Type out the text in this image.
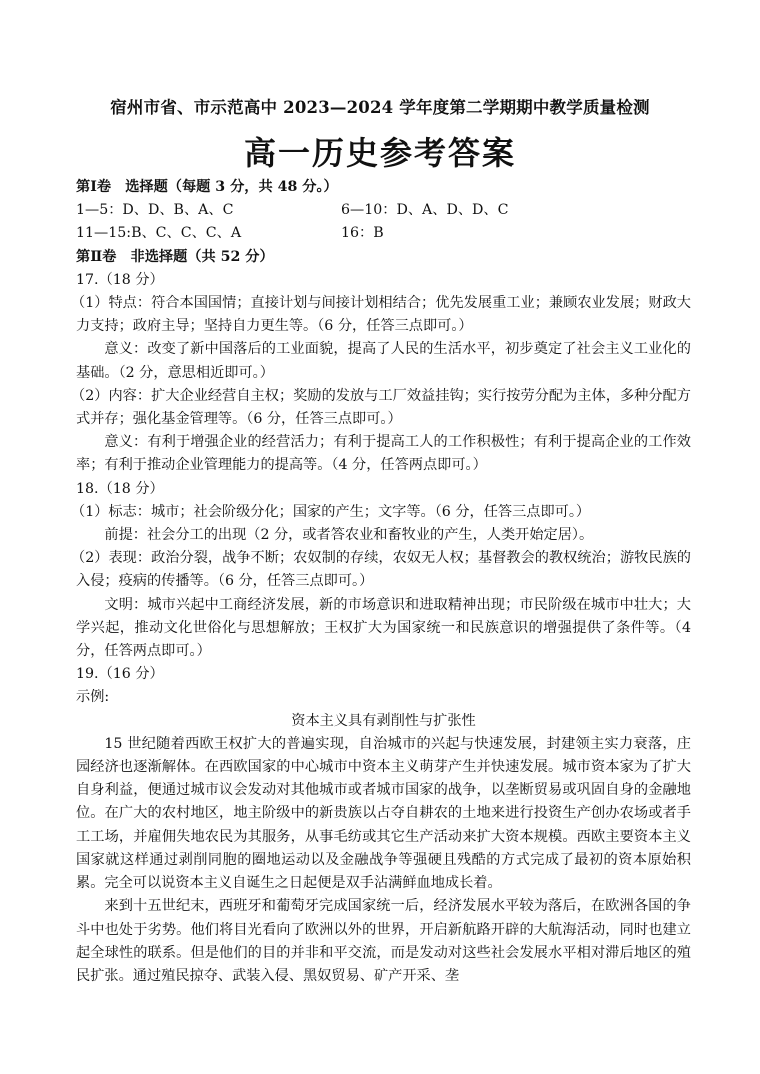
宿州市省、市示范高中 2023—2024 学年度第二学期期中教学质量检测
高一历史参考答案

第Ⅰ卷　选择题（每题 3 分，共 48 分。）

1—5：D、D、B、A、C	6—10：D、A、D、D、C
11—15:B、C、C、C、A	16：B

第Ⅱ卷　非选择题（共 52 分）

17.（18 分）

（1）特点：符合本国国情；直接计划与间接计划相结合；优先发展重工业；兼顾农业发展；财政大力支持；政府主导；坚持自力更生等。（6 分，任答三点即可。）

意义：改变了新中国落后的工业面貌，提高了人民的生活水平，初步奠定了社会主义工业化的基础。（2 分，意思相近即可。）

（2）内容：扩大企业经营自主权；奖励的发放与工厂效益挂钩；实行按劳分配为主体，多种分配方式并存；强化基金管理等。（6 分，任答三点即可。）

意义：有利于增强企业的经营活力；有利于提高工人的工作积极性；有利于提高企业的工作效率；有利于推动企业管理能力的提高等。（4 分，任答两点即可。）

18.（18 分）

（1）标志：城市；社会阶级分化；国家的产生；文字等。（6 分，任答三点即可。）

前提：社会分工的出现（2 分，或者答农业和畜牧业的产生，人类开始定居）。

（2）表现：政治分裂，战争不断；农奴制的存续，农奴无人权；基督教会的教权统治；游牧民族的入侵；疫病的传播等。（6 分，任答三点即可。）

文明：城市兴起中工商经济发展，新的市场意识和进取精神出现；市民阶级在城市中壮大；大学兴起，推动文化世俗化与思想解放；王权扩大为国家统一和民族意识的增强提供了条件等。（4 分，任答两点即可。）

19.（16 分）

示例:

资本主义具有剥削性与扩张性

15 世纪随着西欧王权扩大的普遍实现，自治城市的兴起与快速发展，封建领主实力衰落，庄园经济也逐渐解体。在西欧国家的中心城市中资本主义萌芽产生并快速发展。城市资本家为了扩大自身利益，便通过城市议会发动对其他城市或者城市国家的战争，以垄断贸易或巩固自身的金融地位。在广大的农村地区，地主阶级中的新贵族以占夺自耕农的土地来进行投资生产创办农场或者手工工场，并雇佣失地农民为其服务，从事毛纺或其它生产活动来扩大资本规模。西欧主要资本主义国家就这样通过剥削同胞的圈地运动以及金融战争等强硬且残酷的方式完成了最初的资本原始积累。完全可以说资本主义自诞生之日起便是双手沾满鲜血地成长着。

来到十五世纪末，西班牙和葡萄牙完成国家统一后，经济发展水平较为落后，在欧洲各国的争斗中也处于劣势。他们将目光看向了欧洲以外的世界，开启新航路开辟的大航海活动，同时也建立起全球性的联系。但是他们的目的并非和平交流，而是发动对这些社会发展水平相对滞后地区的殖民扩张。通过殖民掠夺、武装入侵、黑奴贸易、矿产开采、垄
